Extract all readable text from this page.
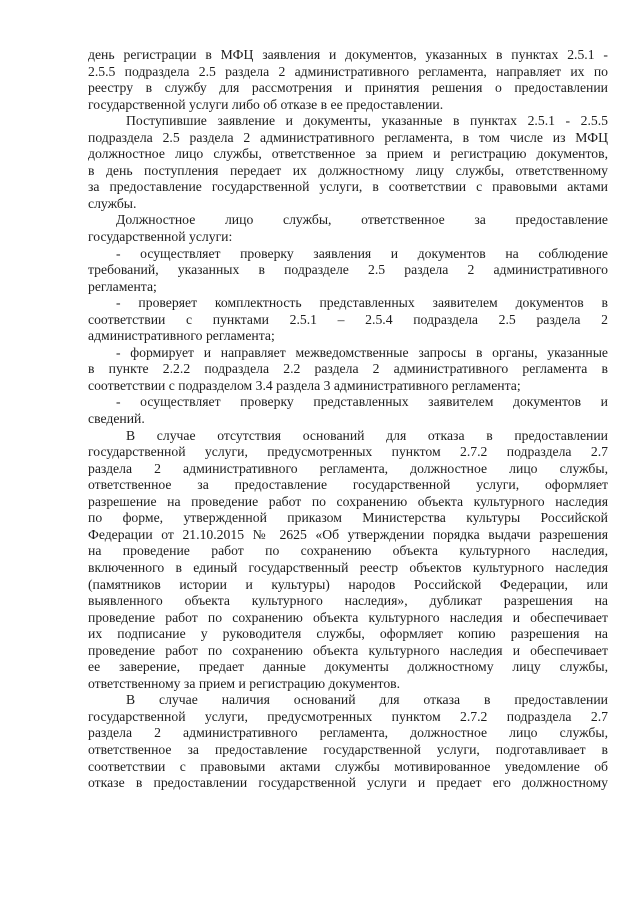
день регистрации в МФЦ заявления и документов, указанных в пунктах 2.5.1 -
2.5.5 подраздела 2.5 раздела 2 административного регламента, направляет их по
реестру в службу для рассмотрения и принятия решения о предоставлении
государственной услуги либо об отказе в ее предоставлении.
Поступившие заявление и документы, указанные в пунктах 2.5.1 - 2.5.5
подраздела 2.5 раздела 2 административного регламента, в том числе из МФЦ
должностное лицо службы, ответственное за прием и регистрацию документов,
в день поступления передает их должностному лицу службы, ответственному
за предоставление государственной услуги, в соответствии с правовыми актами
службы.
Должностное лицо службы, ответственное за предоставление
государственной услуги:
- осуществляет проверку заявления и документов на соблюдение
требований, указанных в подразделе 2.5 раздела 2 административного
регламента;
- проверяет комплектность представленных заявителем документов в
соответствии с пунктами 2.5.1 – 2.5.4 подраздела 2.5 раздела 2
административного регламента;
- формирует и направляет межведомственные запросы в органы, указанные
в пункте 2.2.2 подраздела 2.2 раздела 2 административного регламента в
соответствии с подразделом 3.4 раздела 3 административного регламента;
- осуществляет проверку представленных заявителем документов и
сведений.
В случае отсутствия оснований для отказа в предоставлении
государственной услуги, предусмотренных пунктом 2.7.2 подраздела 2.7
раздела 2 административного регламента, должностное лицо службы,
ответственное за предоставление государственной услуги, оформляет
разрешение на проведение работ по сохранению объекта культурного наследия
по форме, утвержденной приказом Министерства культуры Российской
Федерации от 21.10.2015 № 2625 «Об утверждении порядка выдачи разрешения
на проведение работ по сохранению объекта культурного наследия,
включенного в единый государственный реестр объектов культурного наследия
(памятников истории и культуры) народов Российской Федерации, или
выявленного объекта культурного наследия», дубликат разрешения на
проведение работ по сохранению объекта культурного наследия и обеспечивает
их подписание у руководителя службы, оформляет копию разрешения на
проведение работ по сохранению объекта культурного наследия и обеспечивает
ее заверение, предает данные документы должностному лицу службы,
ответственному за прием и регистрацию документов.
В случае наличия оснований для отказа в предоставлении
государственной услуги, предусмотренных пунктом 2.7.2 подраздела 2.7
раздела 2 административного регламента, должностное лицо службы,
ответственное за предоставление государственной услуги, подготавливает в
соответствии с правовыми актами службы мотивированное уведомление об
отказе в предоставлении государственной услуги и предает его должностному
